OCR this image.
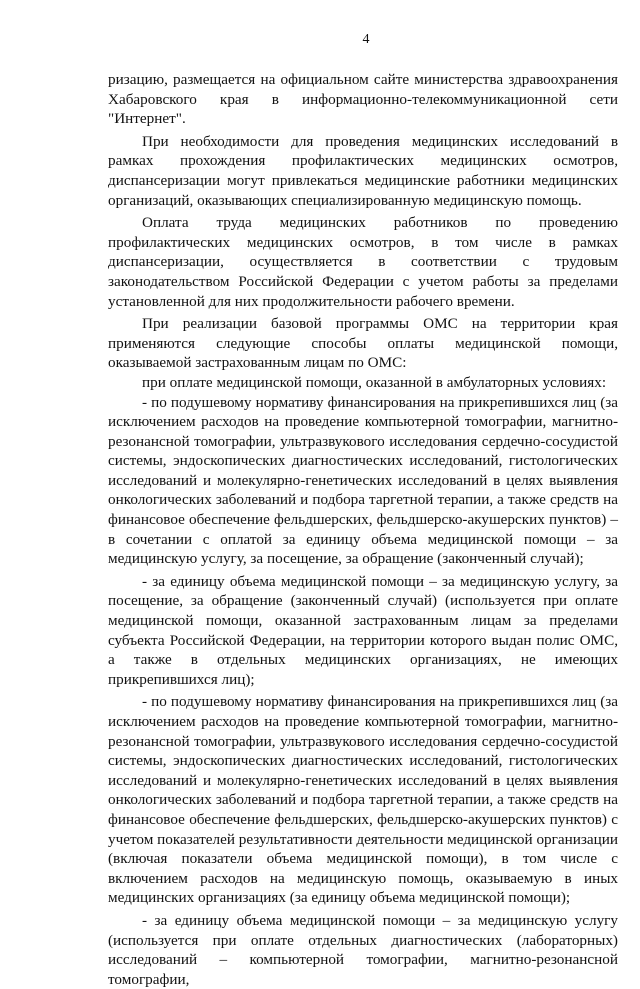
4

ризацию, размещается на официальном сайте министерства здравоохранения Хабаровского края в информационно-телекоммуникационной сети "Интернет".

При необходимости для проведения медицинских исследований в рамках прохождения профилактических медицинских осмотров, диспансеризации могут привлекаться медицинские работники медицинских организаций, оказывающих специализированную медицинскую помощь.

Оплата труда медицинских работников по проведению профилактических медицинских осмотров, в том числе в рамках диспансеризации, осуществляется в соответствии с трудовым законодательством Российской Федерации с учетом работы за пределами установленной для них продолжительности рабочего времени.

При реализации базовой программы ОМС на территории края применяются следующие способы оплаты медицинской помощи, оказываемой застрахованным лицам по ОМС:

при оплате медицинской помощи, оказанной в амбулаторных условиях:

- по подушевому нормативу финансирования на прикрепившихся лиц (за исключением расходов на проведение компьютерной томографии, магнитно-резонансной томографии, ультразвукового исследования сердечно-сосудистой системы, эндоскопических диагностических исследований, гистологических исследований и молекулярно-генетических исследований в целях выявления онкологических заболеваний и подбора таргетной терапии, а также средств на финансовое обеспечение фельдшерских, фельдшерско-акушерских пунктов) – в сочетании с оплатой за единицу объема медицинской помощи – за медицинскую услугу, за посещение, за обращение (законченный случай);

- за единицу объема медицинской помощи – за медицинскую услугу, за посещение, за обращение (законченный случай) (используется при оплате медицинской помощи, оказанной застрахованным лицам за пределами субъекта Российской Федерации, на территории которого выдан полис ОМС, а также в отдельных медицинских организациях, не имеющих прикрепившихся лиц);

- по подушевому нормативу финансирования на прикрепившихся лиц (за исключением расходов на проведение компьютерной томографии, магнитно-резонансной томографии, ультразвукового исследования сердечно-сосудистой системы, эндоскопических диагностических исследований, гистологических исследований и молекулярно-генетических исследований в целях выявления онкологических заболеваний и подбора таргетной терапии, а также средств на финансовое обеспечение фельдшерских, фельдшерско-акушерских пунктов) с учетом показателей результативности деятельности медицинской организации (включая показатели объема медицинской помощи), в том числе с включением расходов на медицинскую помощь, оказываемую в иных медицинских организациях (за единицу объема медицинской помощи);

- за единицу объема медицинской помощи – за медицинскую услугу (используется при оплате отдельных диагностических (лабораторных) исследований – компьютерной томографии, магнитно-резонансной томографии,
